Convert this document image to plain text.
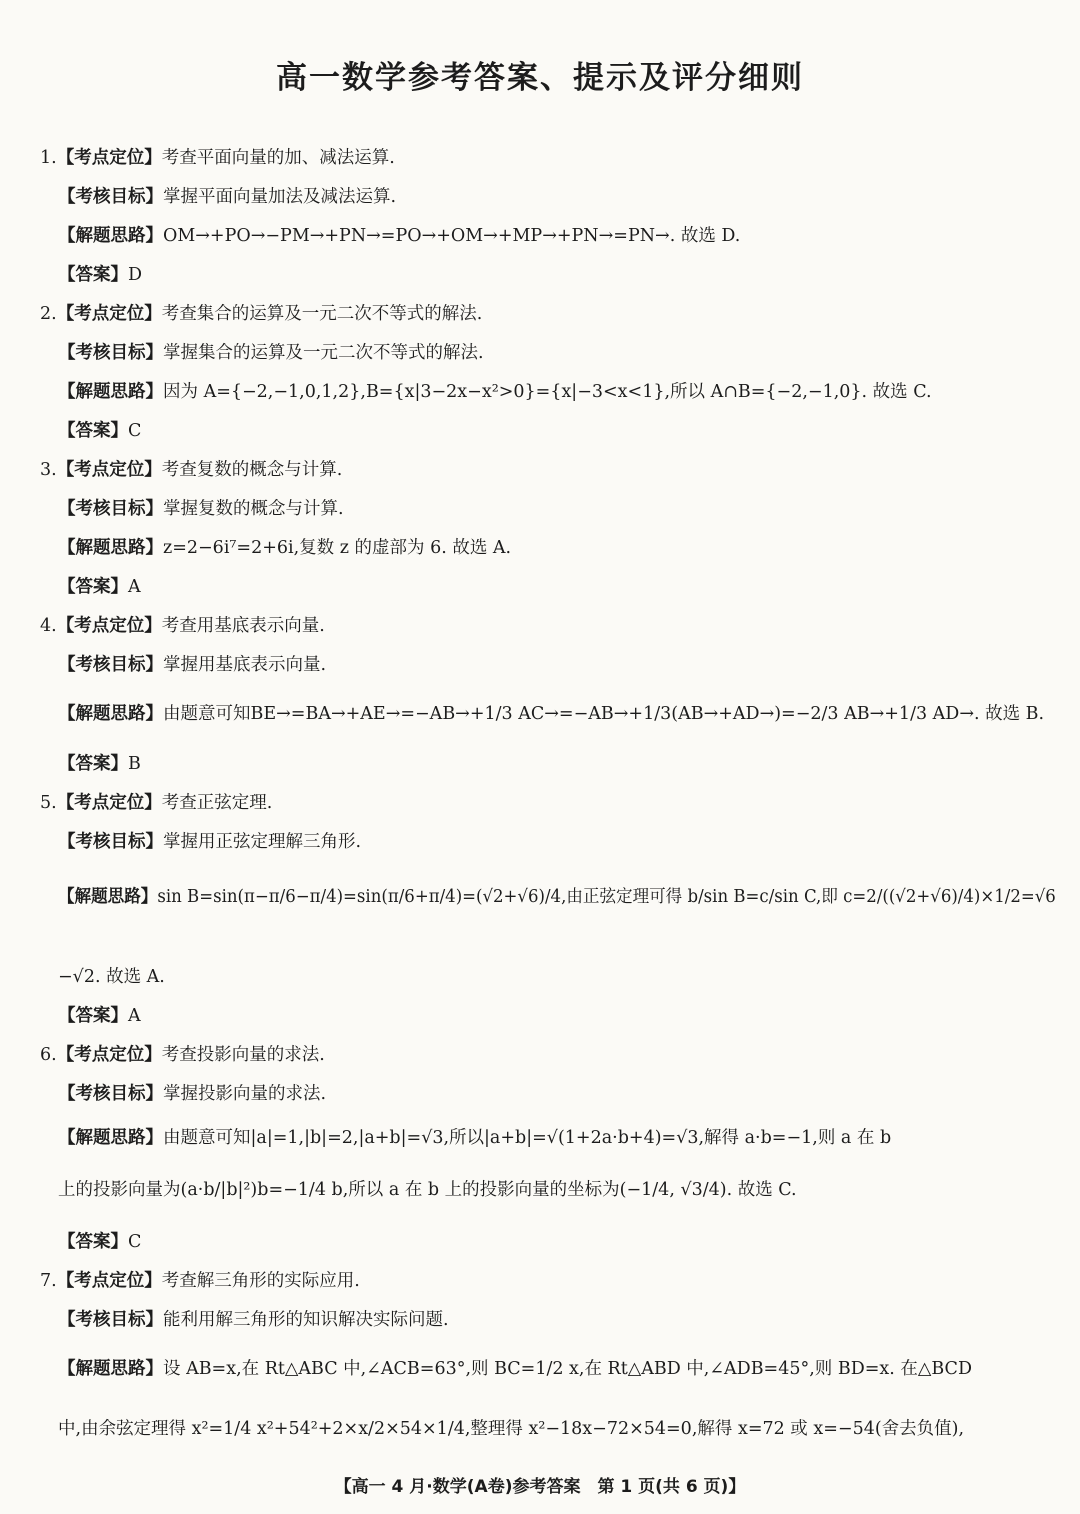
高一数学参考答案、提示及评分细则
1.【考点定位】考查平面向量的加、减法运算.
【考核目标】掌握平面向量加法及减法运算.
【解题思路】OM→+PO→−PM→+PN→=PO→+OM→+MP→+PN→=PN→. 故选 D.
【答案】D
2.【考点定位】考查集合的运算及一元二次不等式的解法.
【考核目标】掌握集合的运算及一元二次不等式的解法.
【解题思路】因为 A={−2,−1,0,1,2},B={x|3−2x−x²>0}={x|−3<x<1},所以 A∩B={−2,−1,0}. 故选 C.
【答案】C
3.【考点定位】考查复数的概念与计算.
【考核目标】掌握复数的概念与计算.
【解题思路】z=2−6i⁷=2+6i,复数 z 的虚部为 6. 故选 A.
【答案】A
4.【考点定位】考查用基底表示向量.
【考核目标】掌握用基底表示向量.
【解题思路】由题意可知BE→=BA→+AE→=−AB→+1/3 AC→=−AB→+1/3(AB→+AD→)=−2/3 AB→+1/3 AD→. 故选 B.
【答案】B
5.【考点定位】考查正弦定理.
【考核目标】掌握用正弦定理解三角形.
【解题思路】sin B=sin(π−π/6−π/4)=sin(π/6+π/4)=(√2+√6)/4,由正弦定理可得 b/sin B=c/sin C,即 c=2/((√2+√6)/4)×1/2=√6
−√2. 故选 A.
【答案】A
6.【考点定位】考查投影向量的求法.
【考核目标】掌握投影向量的求法.
【解题思路】由题意可知|a|=1,|b|=2,|a+b|=√3,所以|a+b|=√(1+2a·b+4)=√3,解得 a·b=−1,则 a 在 b
上的投影向量为(a·b/|b|²)b=−1/4 b,所以 a 在 b 上的投影向量的坐标为(−1/4, √3/4). 故选 C.
【答案】C
7.【考点定位】考查解三角形的实际应用.
【考核目标】能利用解三角形的知识解决实际问题.
【解题思路】设 AB=x,在 Rt△ABC 中,∠ACB=63°,则 BC=1/2 x,在 Rt△ABD 中,∠ADB=45°,则 BD=x. 在△BCD
中,由余弦定理得 x²=1/4 x²+54²+2×x/2×54×1/4,整理得 x²−18x−72×54=0,解得 x=72 或 x=−54(舍去负值),
【高一 4 月·数学(A卷)参考答案　第 1 页(共 6 页)】
